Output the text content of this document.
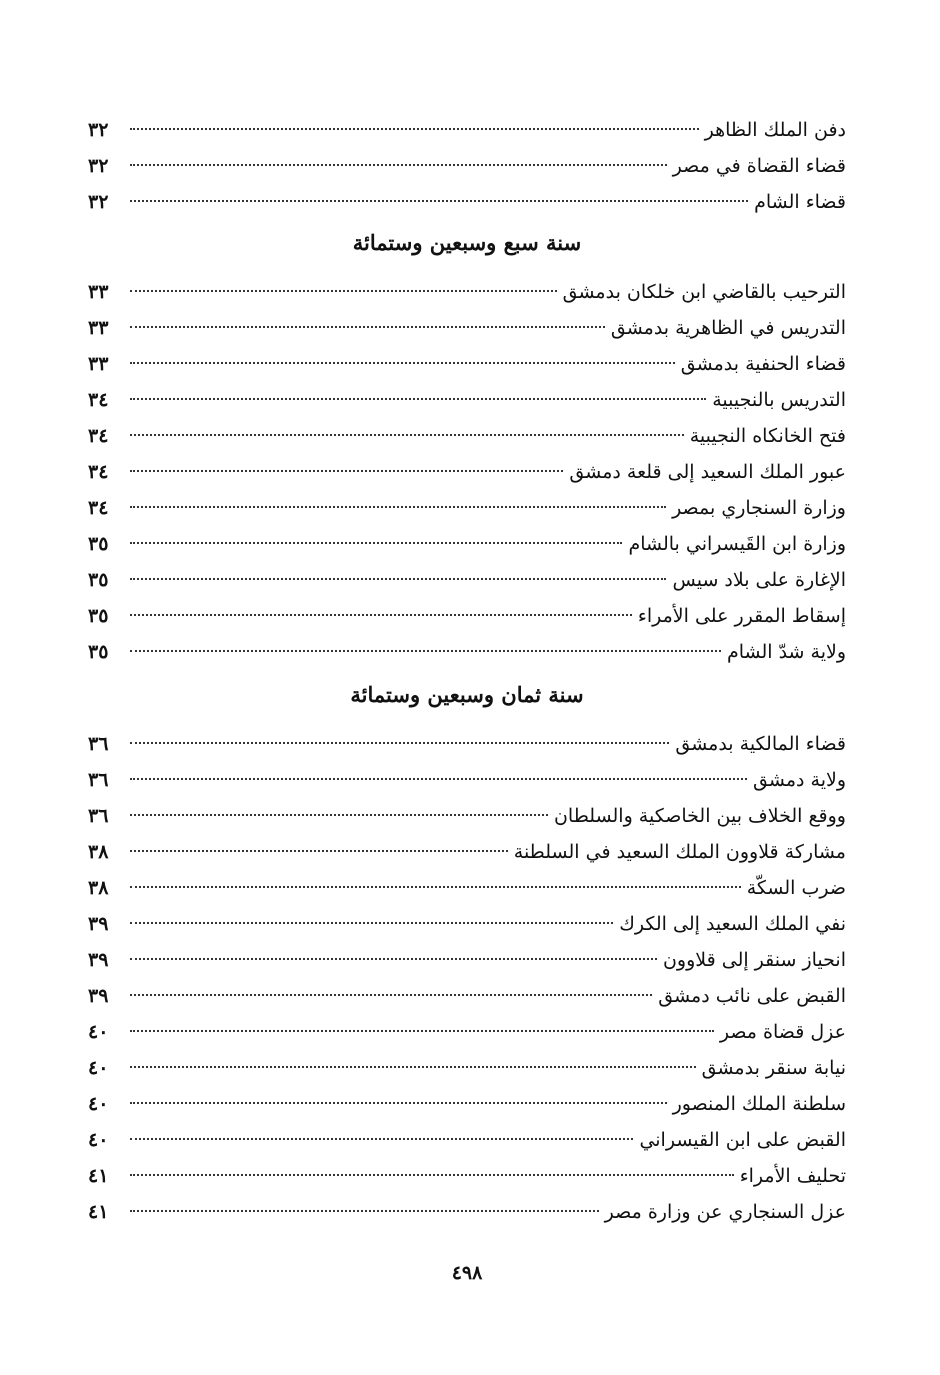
دفن الملك الظاهر
٣٢
قضاء القضاة في مصر
٣٢
قضاء الشام
٣٢
سنة سبع وسبعين وستمائة
الترحيب بالقاضي ابن خلكان بدمشق
٣٣
التدريس في الظاهرية بدمشق
٣٣
قضاء الحنفية بدمشق
٣٣
التدريس بالنجيبية
٣٤
فتح الخانكاه النجيبية
٣٤
عبور الملك السعيد إلى قلعة دمشق
٣٤
وزارة السنجاري بمصر
٣٤
وزارة ابن القَيسراني بالشام
٣٥
الإغارة على بلاد سيس
٣٥
إسقاط المقرر على الأمراء
٣٥
ولاية شدّ الشام
٣٥
سنة ثمان وسبعين وستمائة
قضاء المالكية بدمشق
٣٦
ولاية دمشق
٣٦
ووقع الخلاف بين الخاصكية والسلطان
٣٦
مشاركة قلاوون الملك السعيد في السلطنة
٣٨
ضرب السكّة
٣٨
نفي الملك السعيد إلى الكرك
٣٩
انحياز سنقر إلى قلاوون
٣٩
القبض على نائب دمشق
٣٩
عزل قضاة مصر
٤٠
نيابة سنقر بدمشق
٤٠
سلطنة الملك المنصور
٤٠
القبض على ابن القيسراني
٤٠
تحليف الأمراء
٤١
عزل السنجاري عن وزارة مصر
٤١
٤٩٨
